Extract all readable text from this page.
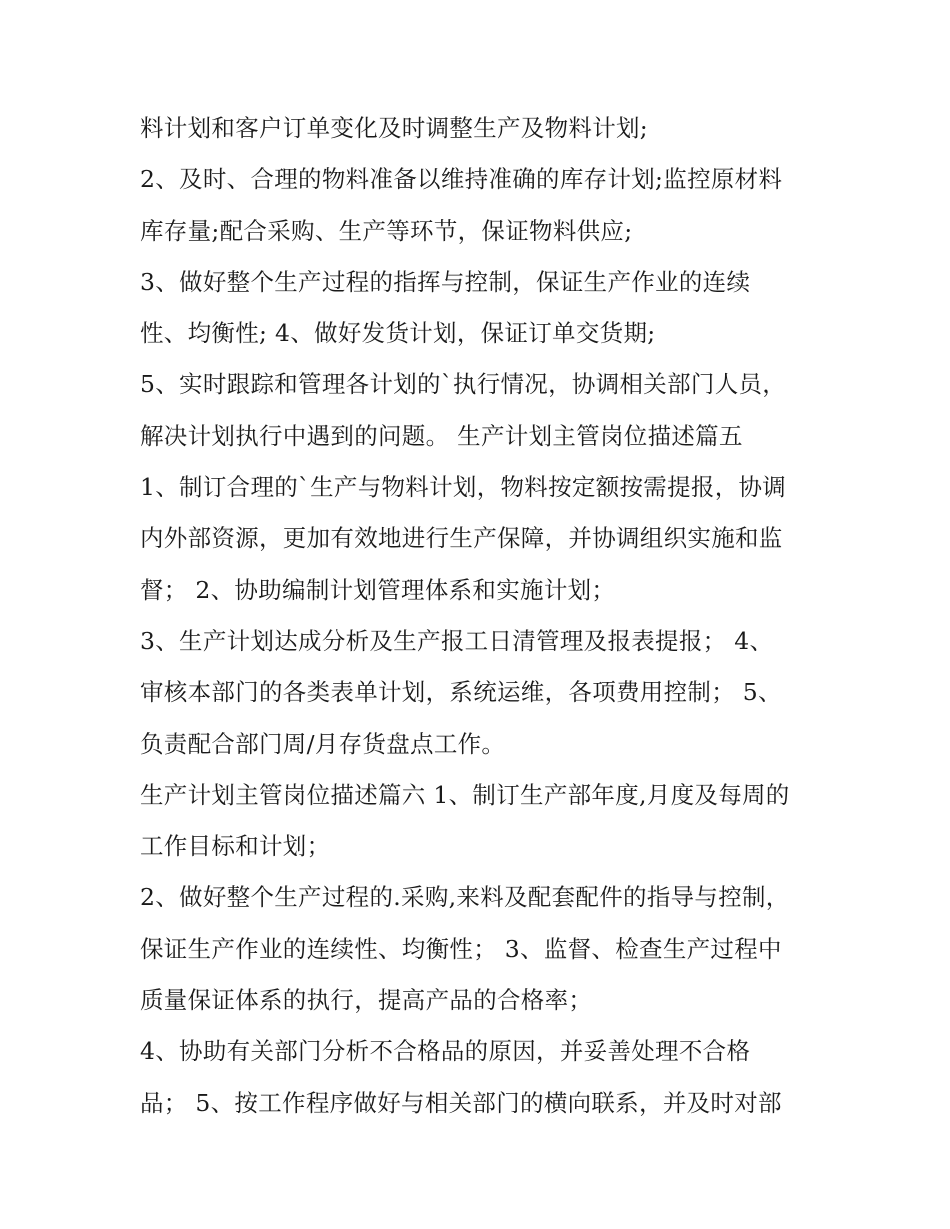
料计划和客户订单变化及时调整生产及物料计划;
2、及时、合理的物料准备以维持准确的库存计划;监控原材料
库存量;配合采购、生产等环节，保证物料供应;
3、做好整个生产过程的指挥与控制，保证生产作业的连续
性、均衡性; 4、做好发货计划，保证订单交货期;
5、实时跟踪和管理各计划的`执行情况，协调相关部门人员，
解决计划执行中遇到的问题。 生产计划主管岗位描述篇五
1、制订合理的`生产与物料计划，物料按定额按需提报，协调
内外部资源，更加有效地进行生产保障，并协调组织实施和监
督； 2、协助编制计划管理体系和实施计划；
3、生产计划达成分析及生产报工日清管理及报表提报； 4、
审核本部门的各类表单计划，系统运维，各项费用控制； 5、
负责配合部门周/月存货盘点工作。
生产计划主管岗位描述篇六 1、制订生产部年度,月度及每周的
工作目标和计划；
2、做好整个生产过程的.采购,来料及配套配件的指导与控制，
保证生产作业的连续性、均衡性； 3、监督、检查生产过程中
质量保证体系的执行，提高产品的合格率；
4、协助有关部门分析不合格品的原因，并妥善处理不合格
品； 5、按工作程序做好与相关部门的横向联系，并及时对部
